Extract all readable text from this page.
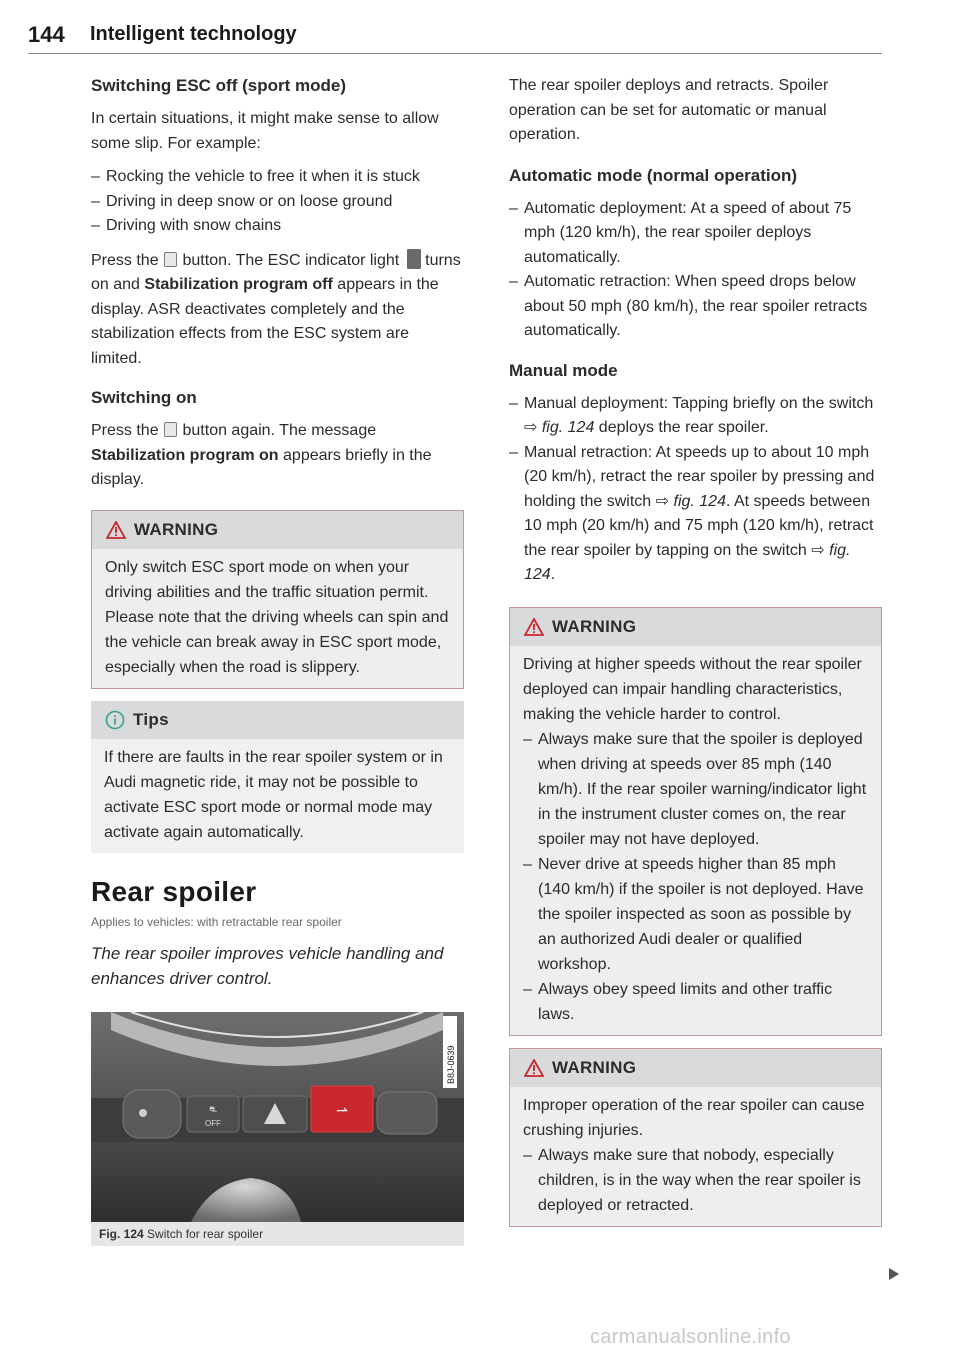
144 Intelligent technology
Switching ESC off (sport mode)

In certain situations, it might make sense to allow some slip. For example:

– Rocking the vehicle to free it when it is stuck
– Driving in deep snow or on loose ground
– Driving with snow chains

Press the button. The ESC indicator light turns on and Stabilization program off appears in the display. ASR deactivates completely and the stabilization effects from the ESC system are limited.

Switching on

Press the button again. The message Stabilization program on appears briefly in the display.

WARNING

Only switch ESC sport mode on when your driving abilities and the traffic situation permit. Please note that the driving wheels can spin and the vehicle can break away in ESC sport mode, especially when the road is slippery.

Tips

If there are faults in the rear spoiler system or in Audi magnetic ride, it may not be possible to activate ESC sport mode or normal mode may activate again automatically.

Rear spoiler

Applies to vehicles: with retractable rear spoiler

The rear spoiler improves vehicle handling and enhances driver control.

⛐
OFF
⇀
B8J-0639
Fig. 124 Switch for rear spoiler

The rear spoiler deploys and retracts. Spoiler operation can be set for automatic or manual operation.

Automatic mode (normal operation)
– Automatic deployment: At a speed of about 75 mph (120 km/h), the rear spoiler deploys automatically.
– Automatic retraction: When speed drops below about 50 mph (80 km/h), the rear spoiler retracts automatically.
Manual mode
– Manual deployment: Tapping briefly on the switch ⇨ fig. 124 deploys the rear spoiler.
– Manual retraction: At speeds up to about 10 mph (20 km/h), retract the rear spoiler by pressing and holding the switch ⇨ fig. 124. At speeds between 10 mph (20 km/h) and 75 mph (120 km/h), retract the rear spoiler by tapping on the switch ⇨ fig. 124.
WARNING

Driving at higher speeds without the rear spoiler deployed can impair handling characteristics, making the vehicle harder to control.

– Always make sure that the spoiler is deployed when driving at speeds over 85 mph (140 km/h). If the rear spoiler warning/indicator light in the instrument cluster comes on, the rear spoiler may not have deployed.
– Never drive at speeds higher than 85 mph (140 km/h) if the spoiler is not deployed. Have the spoiler inspected as soon as possible by an authorized Audi dealer or qualified workshop.
– Always obey speed limits and other traffic laws.
WARNING

Improper operation of the rear spoiler can cause crushing injuries.

– Always make sure that nobody, especially children, is in the way when the rear spoiler is deployed or retracted.
carmanualsonline.info
